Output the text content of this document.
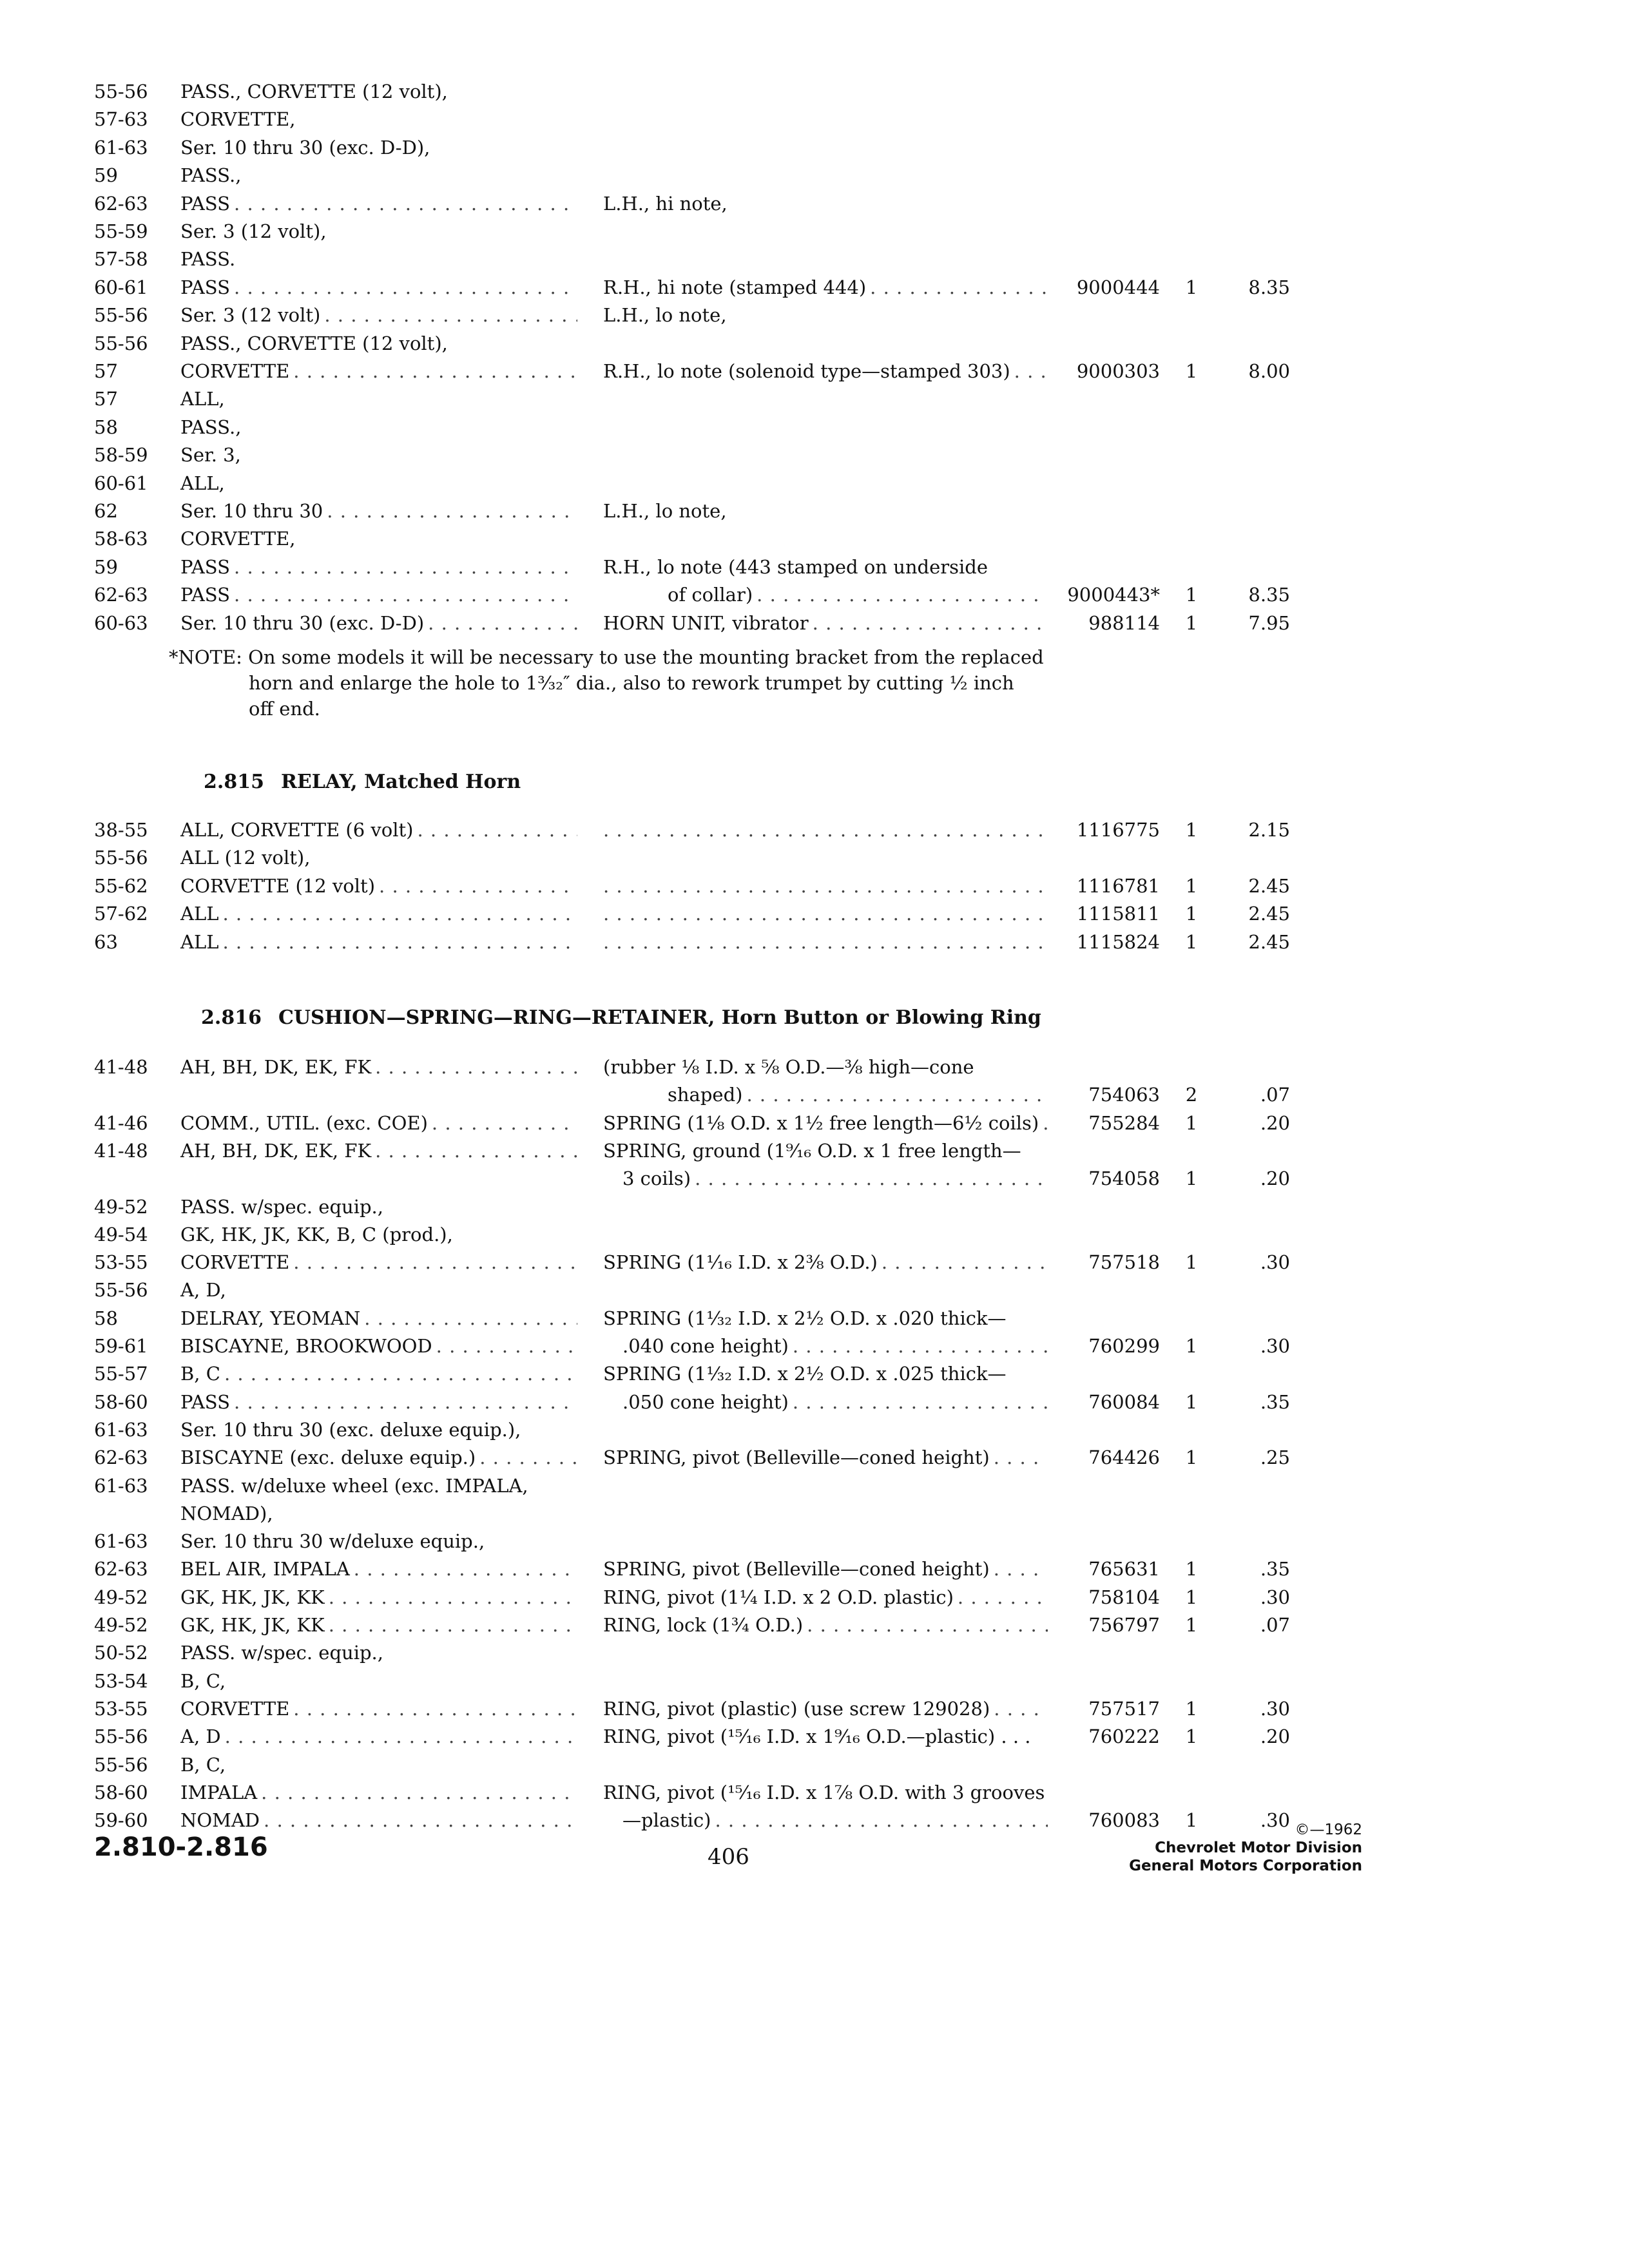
55-56 PASS., CORVETTE (12 volt),
57-63 CORVETTE,
61-63 Ser. 10 thru 30 (exc. D-D),
59	PASS.,
62-63 PASS . . .	L.H., hi note,
55-59 Ser. 3 (12 volt),
57-58 PASS.
60-61 PASS . . .	R.H., hi note (stamped 444) . . .	9000444 1	8.35
55-56 Ser. 3 (12 volt) . . .	L.H., lo note,
55-56 PASS., CORVETTE (12 volt),
57	CORVETTE . . .	R.H., lo note (solenoid type—stamped 303) . . .	9000303 1	8.00
57	ALL,
58	PASS.,
58-59 Ser. 3,
60-61 ALL,
62	Ser. 10 thru 30 . . .	L.H., lo note,
58-63 CORVETTE,
59	PASS . . .	R.H., lo note (443 stamped on underside
62-63 PASS . . .	of collar) . . .	9000443* 1	8.35
60-63 Ser. 10 thru 30 (exc. D-D) . . .	HORN UNIT, vibrator . . .	988114 1	7.95
38-55 ALL, CORVETTE (6 volt) . . . . . .	1116775 1	2.15
55-56 ALL (12 volt),
55-62 CORVETTE (12 volt) . . . . . .	1116781 1	2.45
57-62 ALL . . . . . .	1115811 1	2.45
63	ALL . . . . . .	1115824 1	2.45
41-48 AH, BH, DK, EK, FK . . .	(rubber ⅛ I.D. x ⅝ O.D.—⅜ high—cone
shaped) . . .	754063 2	.07
41-46 COMM., UTIL. (exc. COE) . . .	SPRING (1⅛ O.D. x 1½ free length—6½ coils) . . .	755284 1	.20
41-48 AH, BH, DK, EK, FK . . .	SPRING, ground (1⁹⁄₁₆ O.D. x 1 free length—
3 coils) . . .	754058 1	.20
49-52 PASS. w/spec. equip.,
49-54 GK, HK, JK, KK, B, C (prod.),
53-55 CORVETTE . . .	SPRING (1¹⁄₁₆ I.D. x 2⅜ O.D.) . . .	757518 1	.30
55-56 A, D,
58	DELRAY, YEOMAN . . .	SPRING (1⅓₂ I.D. x 2½ O.D. x .020 thick—
59-61 BISCAYNE, BROOKWOOD . . .	.040 cone height) . . .	760299 1	.30
55-57 B, C . . .	SPRING (1⅓₂ I.D. x 2½ O.D. x .025 thick—
58-60 PASS . . .	.050 cone height) . . .	760084 1	.35
61-63 Ser. 10 thru 30 (exc. deluxe equip.),
62-63 BISCAYNE (exc. deluxe equip.) . . .	SPRING, pivot (Belleville—coned height) . . .	764426 1	.25
61-63 PASS. w/deluxe wheel (exc. IMPALA,
NOMAD),
61-63 Ser. 10 thru 30 w/deluxe equip.,
62-63 BEL AIR, IMPALA . . .	SPRING, pivot (Belleville—coned height) . . .	765631 1	.35
49-52 GK, HK, JK, KK . . .	RING, pivot (1¼ I.D. x 2 O.D. plastic) . . .	758104 1	.30
49-52 GK, HK, JK, KK . . .	RING, lock (1¾ O.D.) . . .	756797 1	.07
50-52 PASS. w/spec. equip.,
53-54 B, C,
53-55 CORVETTE . . .	RING, pivot (plastic) (use screw 129028) . . .	757517 1	.30
55-56 A, D . . .	RING, pivot (¹⁵⁄₁₆ I.D. x 1⁹⁄₁₆ O.D.—plastic) . . .	760222 1	.20
55-56 B, C,
58-60 IMPALA . . .	RING, pivot (¹⁵⁄₁₆ I.D. x 1⅞ O.D. with 3 grooves
59-60 NOMAD . . .	—plastic) . . .	760083 1	.30
*NOTE: On some models it will be necessary to use the mounting bracket from the replaced
horn and enlarge the hole to 1³⁄₃₂″ dia., also to rework trumpet by cutting ½ inch
off end.
2.815 RELAY, Matched Horn
2.816 CUSHION—SPRING—RING—RETAINER, Horn Button or Blowing Ring
2.810-2.816	406
©—1962
Chevrolet Motor Division
General Motors Corporation
